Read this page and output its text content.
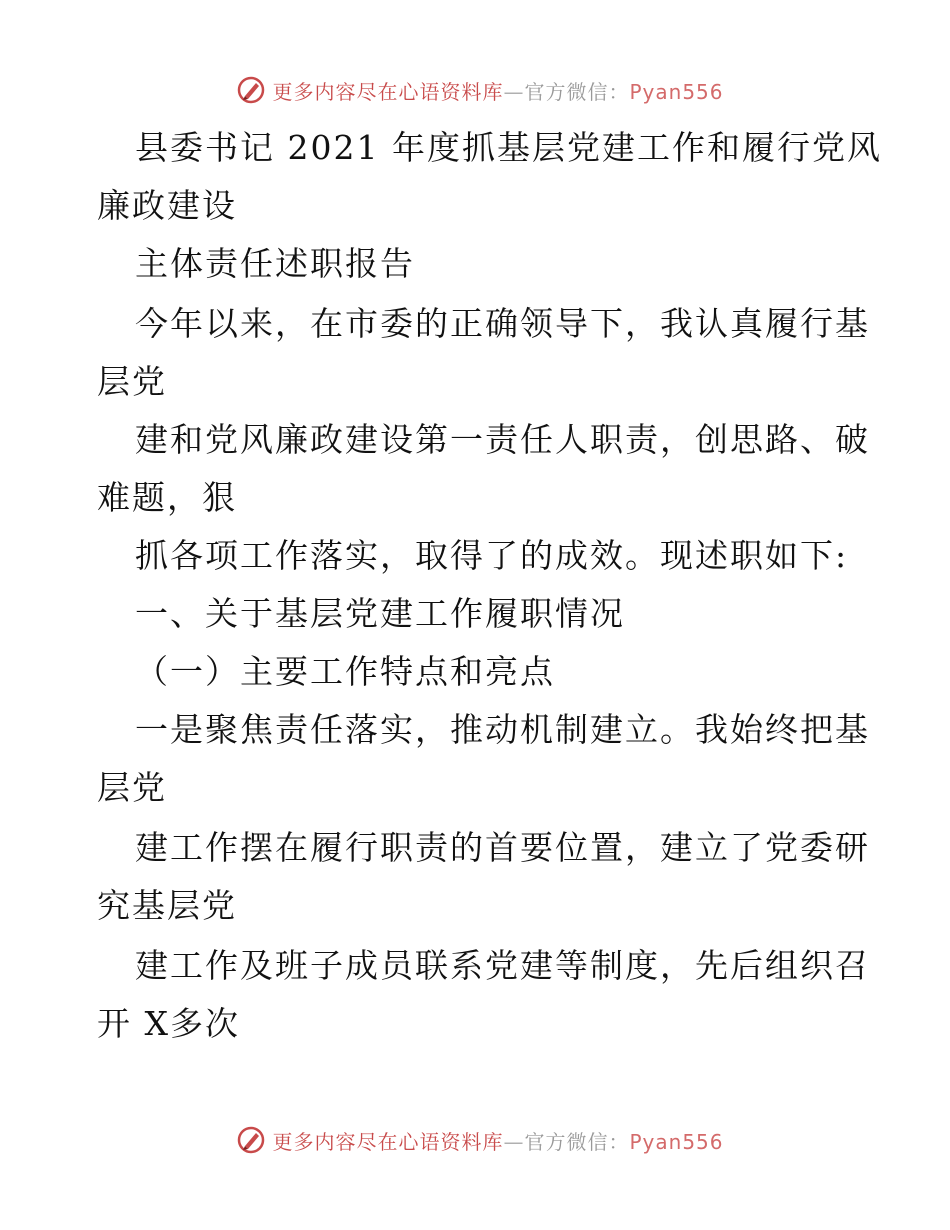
更多内容尽在心语资料库—官方微信：Pyan556
县委书记 2021 年度抓基层党建工作和履行党风
廉政建设
主体责任述职报告
今年以来，在市委的正确领导下，我认真履行基
层党
建和党风廉政建设第一责任人职责，创思路、破
难题，狠
抓各项工作落实，取得了的成效。现述职如下:
一、关于基层党建工作履职情况
（一）主要工作特点和亮点
一是聚焦责任落实，推动机制建立。我始终把基
层党
建工作摆在履行职责的首要位置，建立了党委研
究基层党
建工作及班子成员联系党建等制度，先后组织召
开 X多次
更多内容尽在心语资料库—官方微信：Pyan556
